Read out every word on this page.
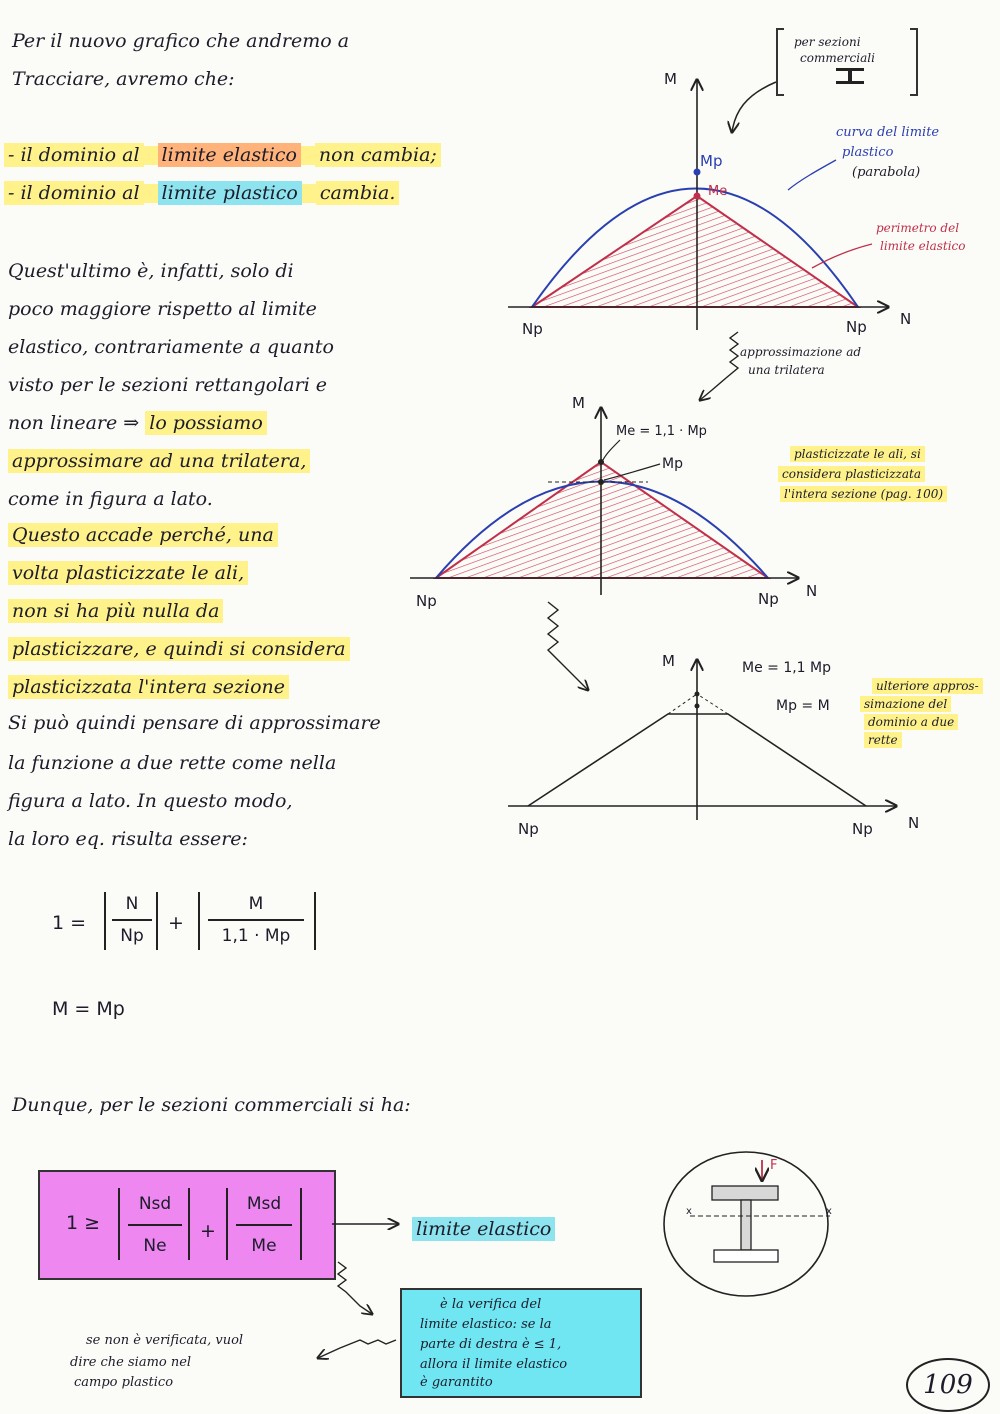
Per il nuovo grafico che andremo a
Tracciare, avremo che:
- il dominio al limite elastico non cambia;
- il dominio al limite plastico cambia.
Quest'ultimo è, infatti, solo di
poco maggiore rispetto al limite
elastico, contrariamente a quanto
visto per le sezioni rettangolari e
non lineare ⇒ lo possiamo
approssimare ad una trilatera,
come in figura a lato.
Questo accade perché, una
volta plasticizzate le ali,
non si ha più nulla da
plasticizzare, e quindi si considera
plasticizzata l'intera sezione
Si può quindi pensare di approssimare
la funzione a due rette come nella
figura a lato. In questo modo,
la loro eq. risulta essere:
1 =
N
Np
+
M
1,1 · Mp
M = Mp
Dunque, per le sezioni commerciali si ha:
1 ≥
Nsd
Ne
+
Msd
Me
limite elastico
è la verifica del
limite elastico: se la
parte di destra è ≤ 1,
allora il limite elastico
è garantito
se non è verificata, vuol
dire che siamo nel
campo plastico	109
M
N
Mp
Me
Np	Np
per sezioni
commerciali
curva del limite
plastico
(parabola)
perimetro del
limite elastico
approssimazione ad
una trilatera
M
N
Me = 1,1 · Mp
Mp
Np	Np
plasticizzate le ali, si
considera plasticizzata
l'intera sezione (pag. 100)
M
N
Me = 1,1 Mp
Mp = M
Np	Np
ulteriore appros-
simazione del
dominio a due
rette
F
x	x
